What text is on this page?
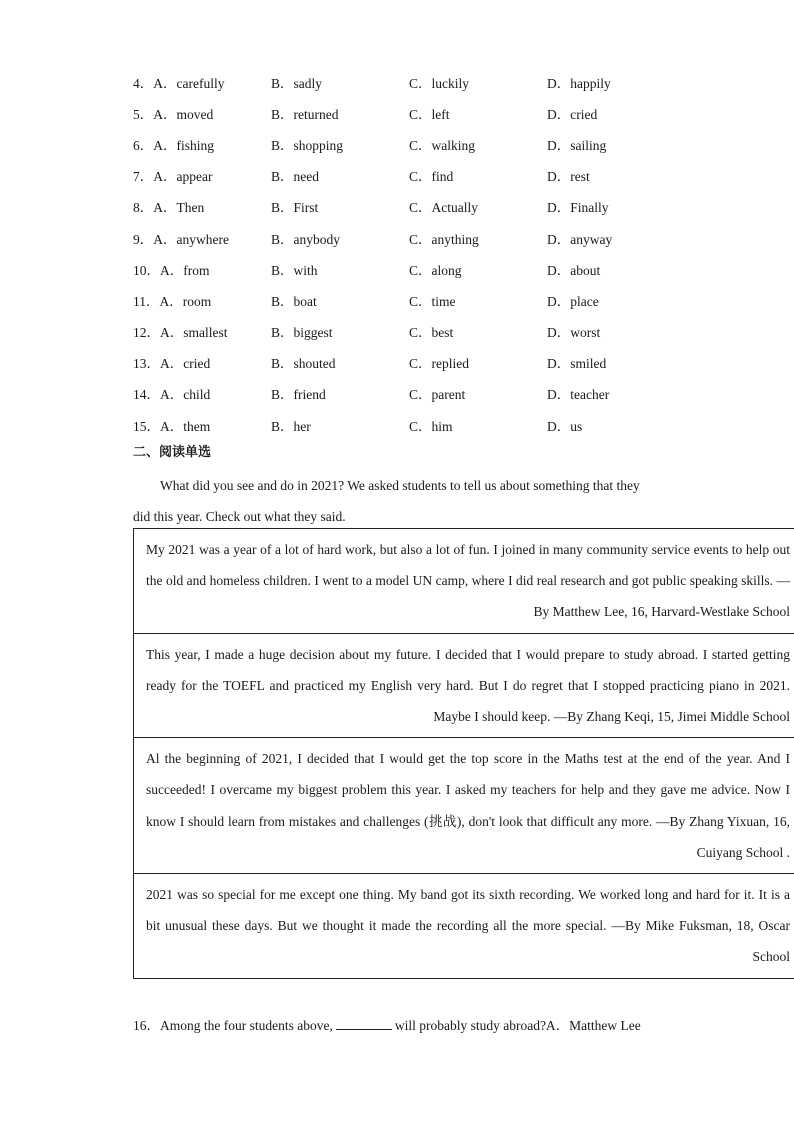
4．A．carefully	B．sadly	C．luckily	D．happily
5．A．moved	B．returned	C．left	D．cried
6．A．fishing	B．shopping	C．walking	D．sailing
7．A．appear	B．need	C．find	D．rest
8．A．Then	B．First	C．Actually	D．Finally
9．A．anywhere	B．anybody	C．anything	D．anyway
10．A．from	B．with	C．along	D．about
11．A．room	B．boat	C．time	D．place
12．A．smallest	B．biggest	C．best	D．worst
13．A．cried	B．shouted	C．replied	D．smiled
14．A．child	B．friend	C．parent	D．teacher
15．A．them	B．her	C．him	D．us
二、阅读单选
What did you see and do in 2021? We asked students to tell us about something that they
did this year. Check out what they said.
My 2021 was a year of a lot of hard work, but also a lot of fun. I joined in many community service events to help out the old and homeless children. I went to a model UN camp, where I did real research and got public speaking skills. —By Matthew Lee, 16, Harvard-Westlake School
This year, I made a huge decision about my future. I decided that I would prepare to study abroad. I started getting ready for the TOEFL and practiced my English very hard. But I do regret that I stopped practicing piano in 2021. Maybe I should keep. —By Zhang Keqi, 15, Jimei Middle School
Al the beginning of 2021, I decided that I would get the top score in the Maths test at the end of the year. And I succeeded! I overcame my biggest problem this year. I asked my teachers for help and they gave me advice. Now I know I should learn from mistakes and challenges (挑战), don't look that difficult any more. —By Zhang Yixuan, 16, Cuiyang School .
2021 was so special for me except one thing. My band got its sixth recording. We worked long and hard for it. It is a bit unusual these days. But we thought it made the recording all the more special. —By Mike Fuksman, 18, Oscar School
16．Among the four students above,	will probably study abroad?A．Matthew Lee
